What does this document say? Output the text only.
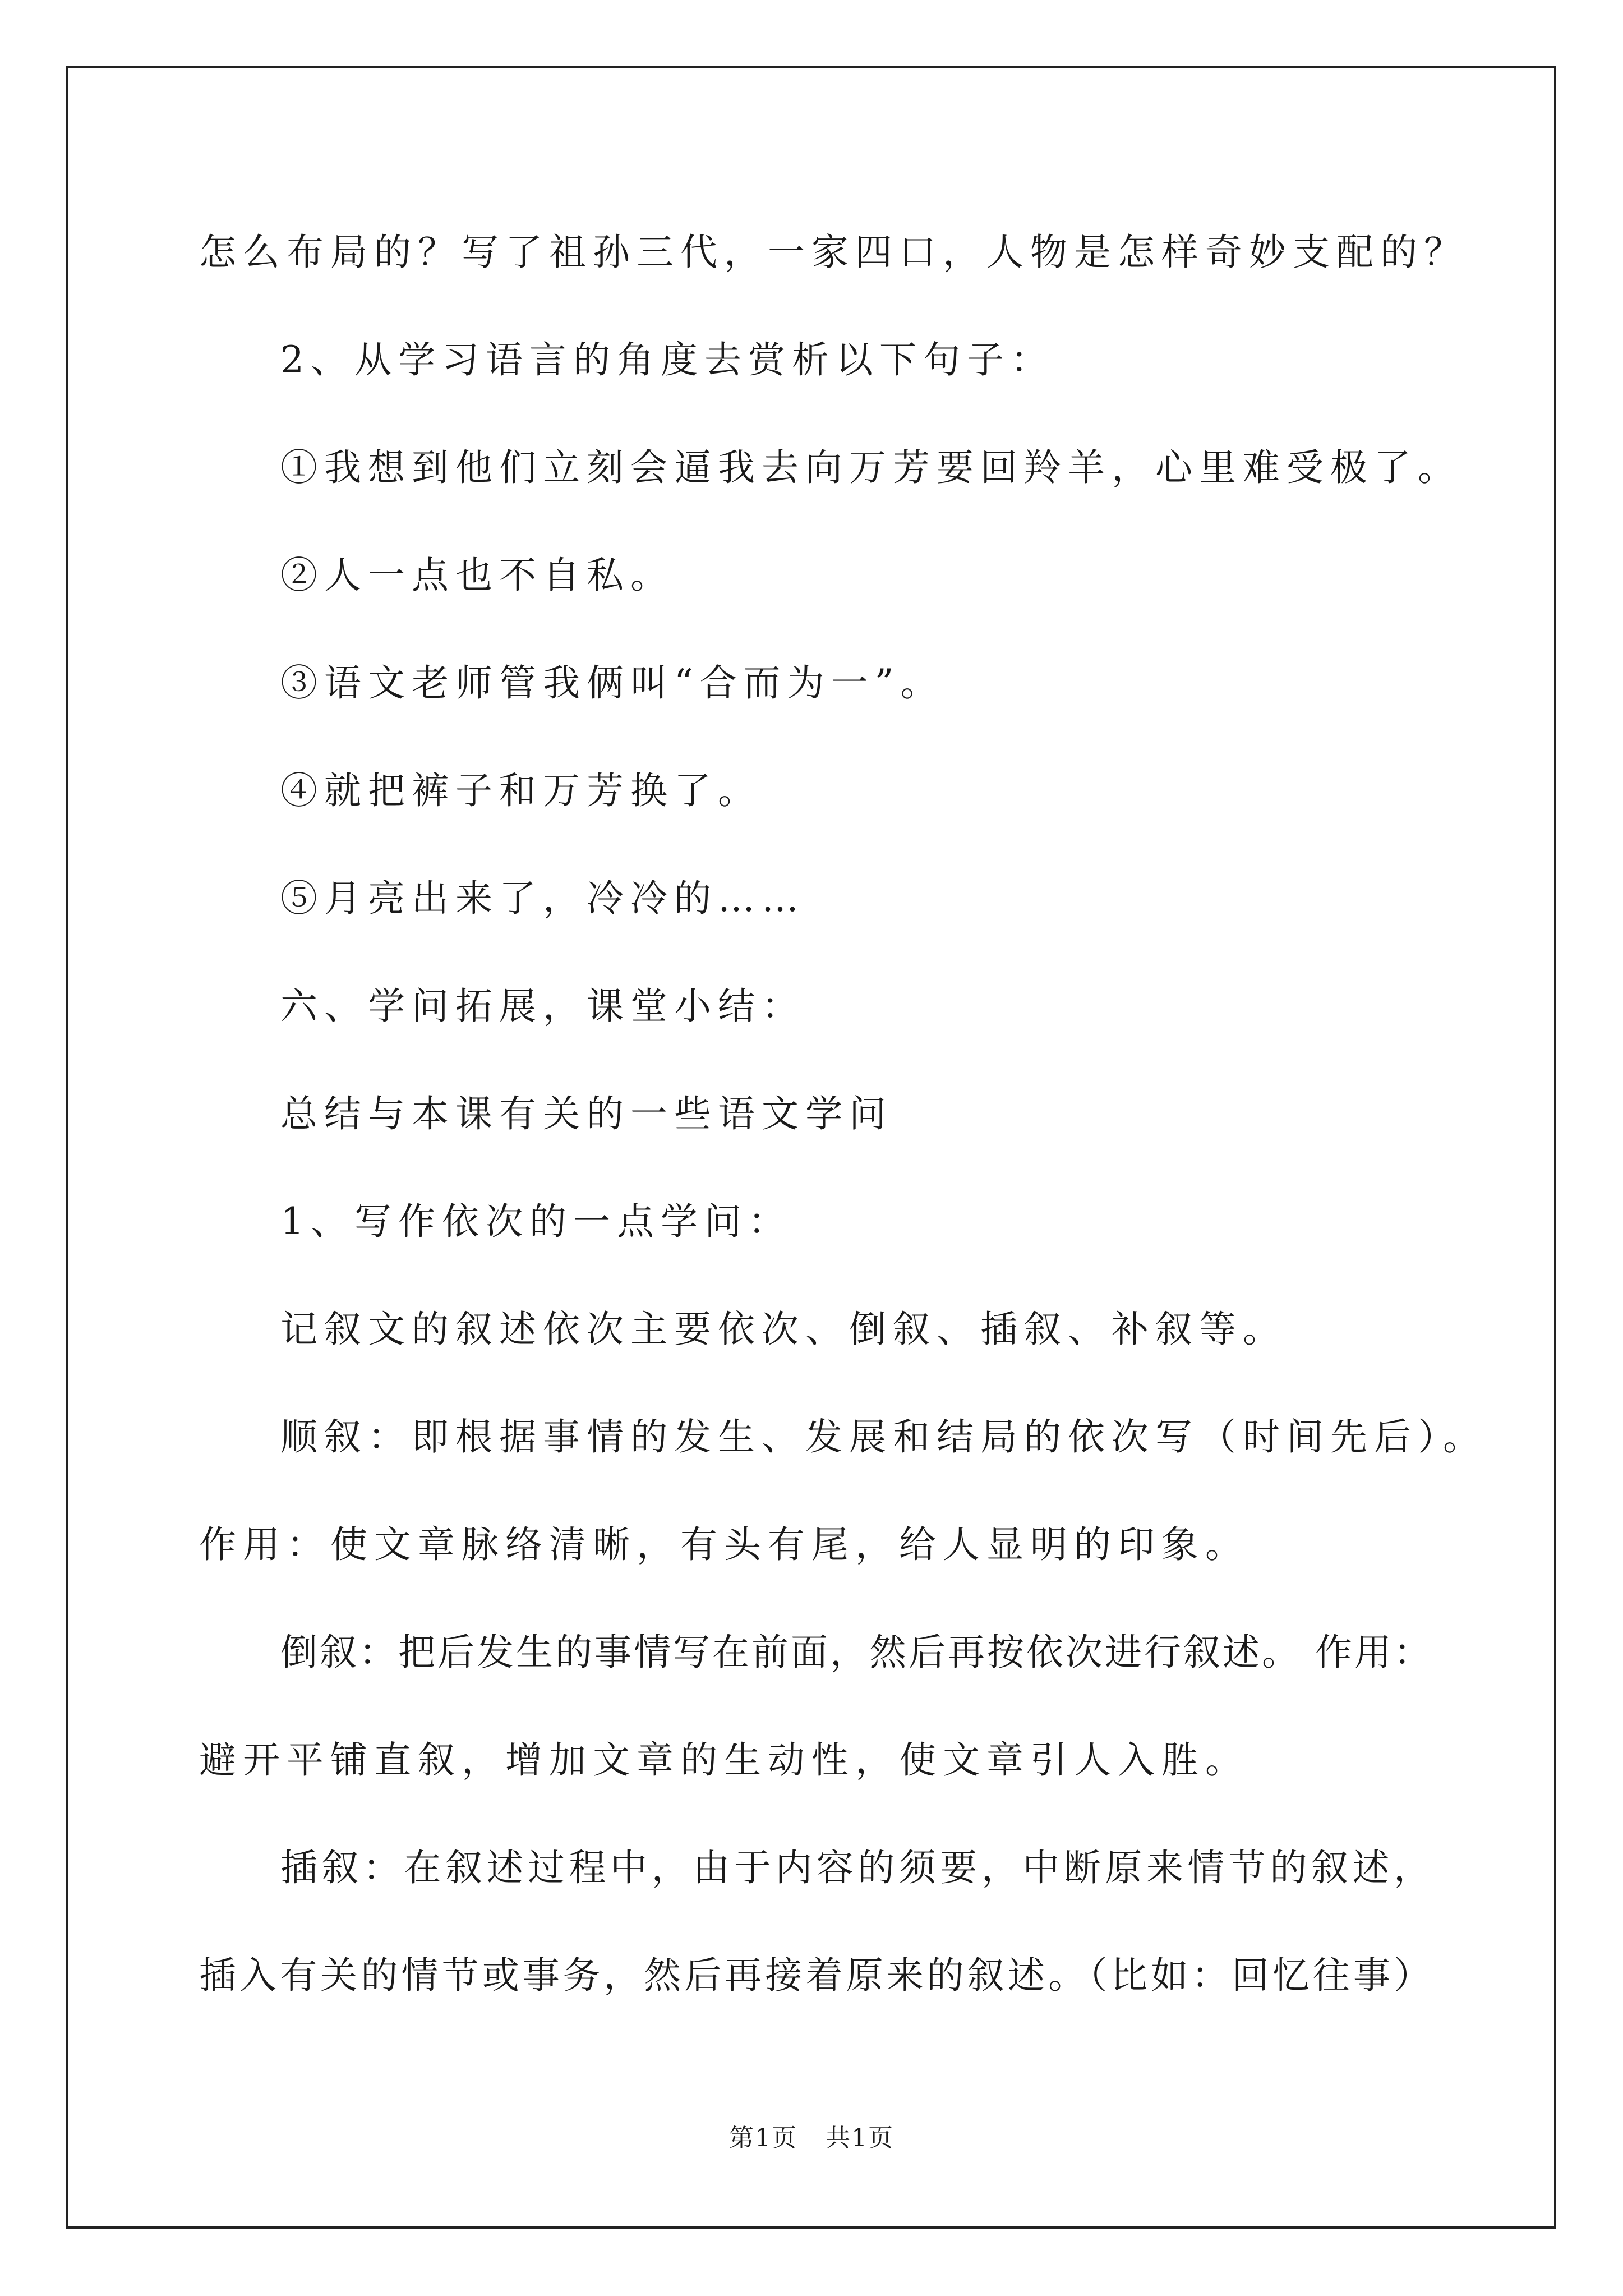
怎么布局的？写了祖孙三代，一家四口，人物是怎样奇妙支配的？
2、从学习语言的角度去赏析以下句子：
①我想到他们立刻会逼我去向万芳要回羚羊，心里难受极了。
②人一点也不自私。
③语文老师管我俩叫“合而为一”。
④就把裤子和万芳换了。
⑤月亮出来了，冷冷的……
六、学问拓展，课堂小结：
总结与本课有关的一些语文学问
1、写作依次的一点学问：
记叙文的叙述依次主要依次、倒叙、插叙、补叙等。
顺叙：即根据事情的发生、发展和结局的依次写（时间先后）。
作用：使文章脉络清晰，有头有尾，给人显明的印象。
倒叙：把后发生的事情写在前面，然后再按依次进行叙述。 作用：
避开平铺直叙，增加文章的生动性，使文章引人入胜。
插叙：在叙述过程中，由于内容的须要，中断原来情节的叙述，
插入有关的情节或事务，然后再接着原来的叙述。（比如：回忆往事）
第1页 共1页
